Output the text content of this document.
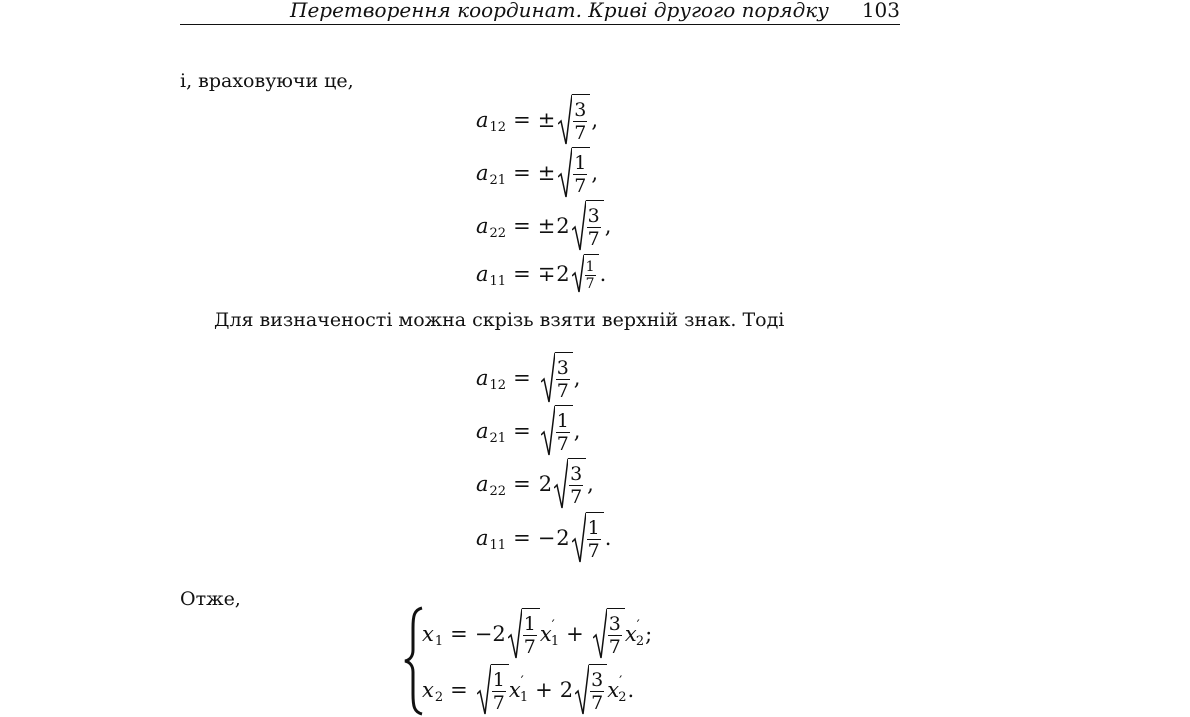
Перетворення координат. Криві другого порядку 103
і, враховуючи це,
a 12 = ± $\frac{3}{7}$ ,
a 21 = ± $\frac{1}{7}$ ,
a 22 = ± $2 \frac{3}{7}$ ,
a 11 = ∓ $2 \frac{1}{7}$ .
Для визначеності можна скрізь взяти верхній знак. Тоді
a $12 = \frac{3}{7}$ ,
a $21 = \frac{1}{7}$ ,
a $22 = 2 \frac{3}{7}$ ,
a 11 = − $2 \frac{1}{7}$ .
Отже,
x 1 = − $2 \frac{1}{7}$ x ′
$1 + \frac{3}{7}$ x ′
2 ;
x $2 = \frac{1}{7}$ x ′
$1 + 2 \frac{3}{7}$ x ′
2 .
